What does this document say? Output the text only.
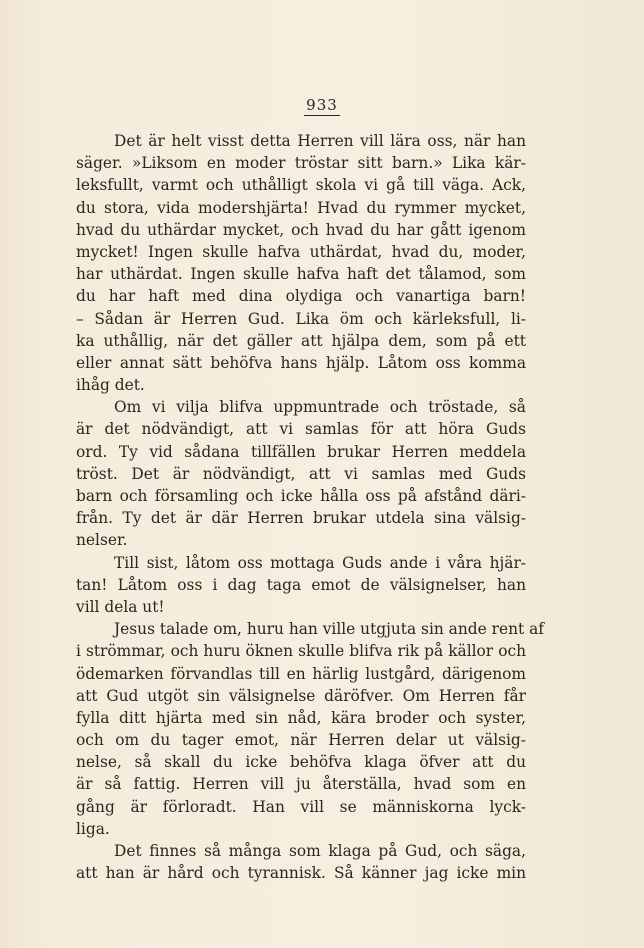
933
Det är helt visst detta Herren vill lära oss, när han
säger. »Liksom en moder tröstar sitt barn.» Lika kär-
leksfullt, varmt och uthålligt skola vi gå till väga. Ack,
du stora, vida modershjärta! Hvad du rymmer mycket,
hvad du uthärdar mycket, och hvad du har gått igenom
mycket! Ingen skulle hafva uthärdat, hvad du, moder,
har uthärdat. Ingen skulle hafva haft det tålamod, som
du har haft med dina olydiga och vanartiga barn!
– Sådan är Herren Gud. Lika öm och kärleksfull, li-
ka uthållig, när det gäller att hjälpa dem, som på ett
eller annat sätt behöfva hans hjälp. Låtom oss komma
ihåg det.
Om vi vilja blifva uppmuntrade och tröstade, så
är det nödvändigt, att vi samlas för att höra Guds
ord. Ty vid sådana tillfällen brukar Herren meddela
tröst. Det är nödvändigt, att vi samlas med Guds
barn och församling och icke hålla oss på afstånd däri-
från. Ty det är där Herren brukar utdela sina välsig-
nelser.
Till sist, låtom oss mottaga Guds ande i våra hjär-
tan! Låtom oss i dag taga emot de välsignelser, han
vill dela ut!
Jesus talade om, huru han ville utgjuta sin ande rent af
i strömmar, och huru öknen skulle blifva rik på källor och
ödemarken förvandlas till en härlig lustgård, därigenom
att Gud utgöt sin välsignelse däröfver. Om Herren får
fylla ditt hjärta med sin nåd, kära broder och syster,
och om du tager emot, när Herren delar ut välsig-
nelse, så skall du icke behöfva klaga öfver att du
är så fattig. Herren vill ju återställa, hvad som en
gång är förloradt. Han vill se människorna lyck-
liga.
Det finnes så många som klaga på Gud, och säga,
att han är hård och tyrannisk. Så känner jag icke min
